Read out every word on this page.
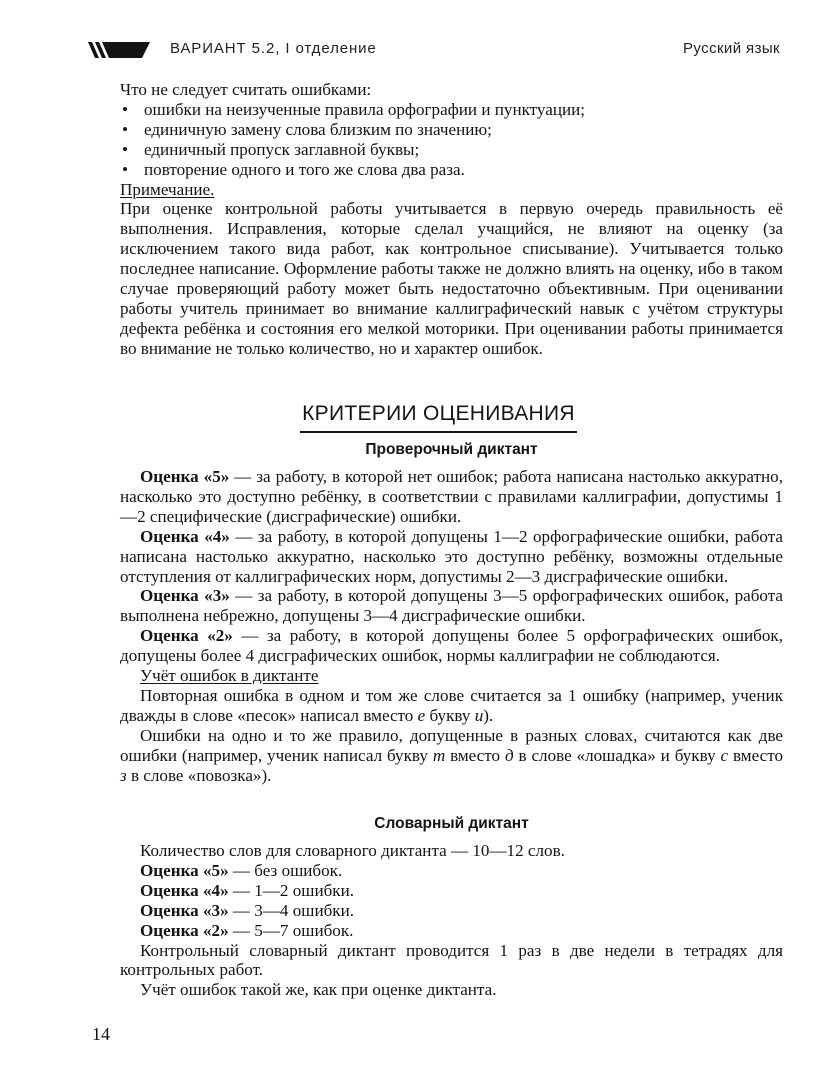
ВАРИАНТ 5.2, I отделение	Русский язык

Что не следует считать ошибками:

• ошибки на неизученные правила орфографии и пунктуации;
• единичную замену слова близким по значению;
• единичный пропуск заглавной буквы;
• повторение одного и того же слова два раза.

Примечание.

При оценке контрольной работы учитывается в первую очередь правильность её выполнения. Исправления, которые сделал учащийся, не влияют на оценку (за исключением такого вида работ, как контрольное списывание). Учитывается только последнее написание. Оформление работы также не должно влиять на оценку, ибо в таком случае проверяющий работу может быть недостаточно объективным. При оценивании работы учитель принимает во внимание каллиграфический навык с учётом структуры дефекта ребёнка и состояния его мелкой моторики. При оценивании работы принимается во внимание не только количество, но и характер ошибок.

КРИТЕРИИ ОЦЕНИВАНИЯ
Проверочный диктант

Оценка «5» — за работу, в которой нет ошибок; работа написана настолько аккуратно, насколько это доступно ребёнку, в соответствии с правилами каллиграфии, допустимы 1—2 специфические (дисграфические) ошибки.

Оценка «4» — за работу, в которой допущены 1—2 орфографические ошибки, работа написана настолько аккуратно, насколько это доступно ребёнку, возможны отдельные отступления от каллиграфических норм, допустимы 2—3 дисграфические ошибки.

Оценка «3» — за работу, в которой допущены 3—5 орфографических ошибок, работа выполнена небрежно, допущены 3—4 дисграфические ошибки.

Оценка «2» — за работу, в которой допущены более 5 орфографических ошибок, допущены более 4 дисграфических ошибок, нормы каллиграфии не соблюдаются.

Учёт ошибок в диктанте

Повторная ошибка в одном и том же слове считается за 1 ошибку (например, ученик дважды в слове «песок» написал вместо е букву и).

Ошибки на одно и то же правило, допущенные в разных словах, считаются как две ошибки (например, ученик написал букву т вместо д в слове «лошадка» и букву с вместо з в слове «повозка»).

Словарный диктант

Количество слов для словарного диктанта — 10—12 слов.

Оценка «5» — без ошибок.

Оценка «4» — 1—2 ошибки.

Оценка «3» — 3—4 ошибки.

Оценка «2» — 5—7 ошибок.

Контрольный словарный диктант проводится 1 раз в две недели в тетрадях для контрольных работ.

Учёт ошибок такой же, как при оценке диктанта.

14
